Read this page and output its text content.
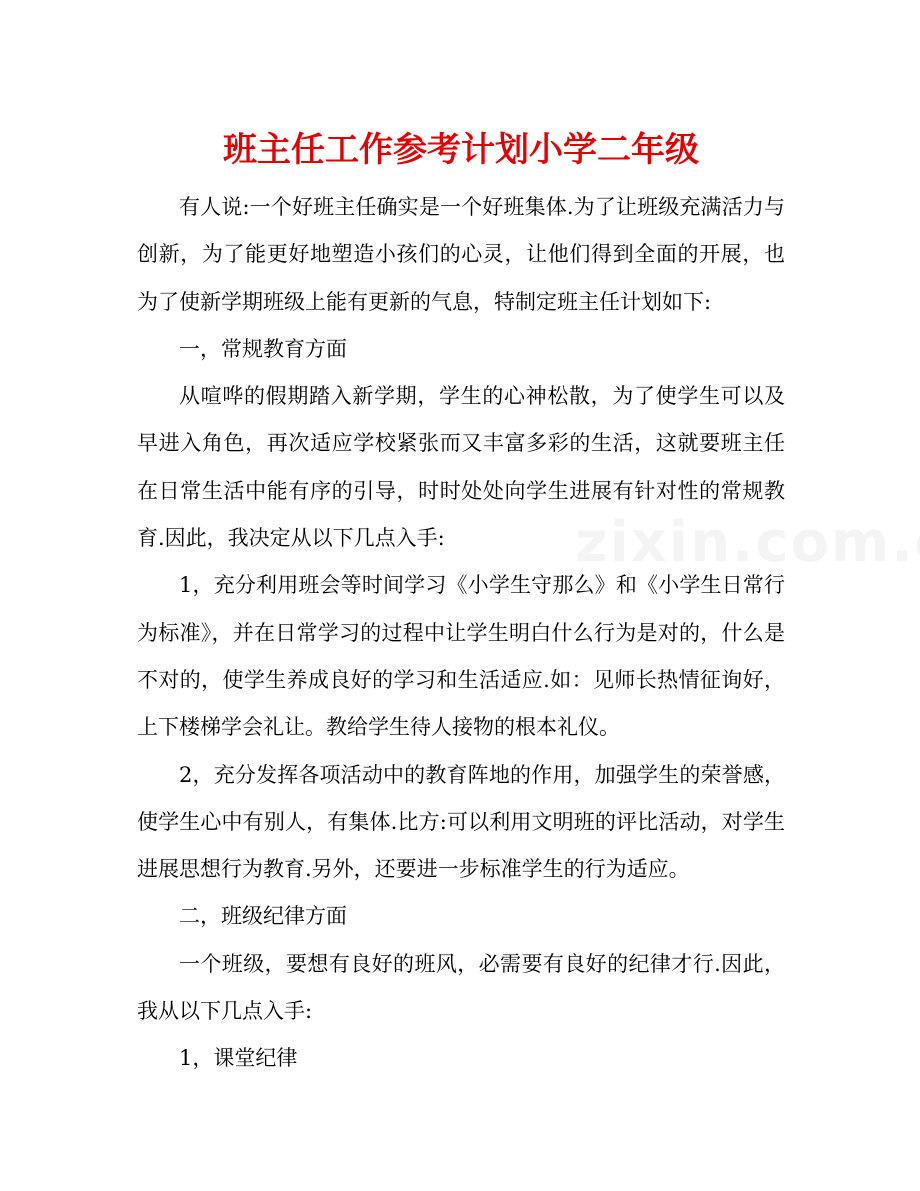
班主任工作参考计划小学二年级

有人说:一个好班主任确实是一个好班集体.为了让班级充满活力与创新，为了能更好地塑造小孩们的心灵，让他们得到全面的开展，也为了使新学期班级上能有更新的气息，特制定班主任计划如下:

一，常规教育方面

从喧哗的假期踏入新学期，学生的心神松散，为了使学生可以及早进入角色，再次适应学校紧张而又丰富多彩的生活，这就要班主任在日常生活中能有序的引导，时时处处向学生进展有针对性的常规教育.因此，我决定从以下几点入手:

1，充分利用班会等时间学习《小学生守那么》和《小学生日常行为标准》，并在日常学习的过程中让学生明白什么行为是对的，什么是不对的，使学生养成良好的学习和生活适应.如：见师长热情征询好，上下楼梯学会礼让。教给学生待人接物的根本礼仪。

2，充分发挥各项活动中的教育阵地的作用，加强学生的荣誉感，使学生心中有别人，有集体.比方:可以利用文明班的评比活动，对学生进展思想行为教育.另外，还要进一步标准学生的行为适应。

二，班级纪律方面

一个班级，要想有良好的班风，必需要有良好的纪律才行.因此，我从以下几点入手:

1，课堂纪律
